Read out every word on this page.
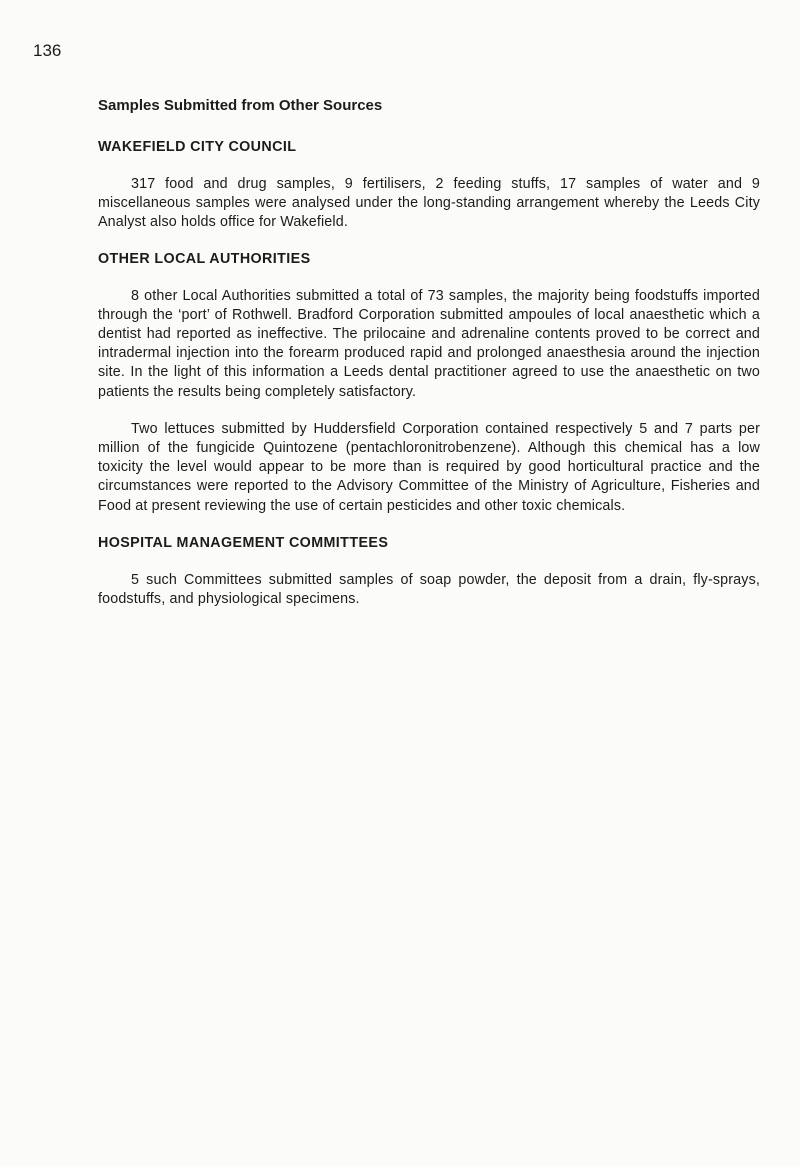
136
Samples Submitted from Other Sources
WAKEFIELD CITY COUNCIL

317 food and drug samples, 9 fertilisers, 2 feeding stuffs, 17 samples of water and 9 miscellaneous samples were analysed under the long-standing arrangement whereby the Leeds City Analyst also holds office for Wakefield.

OTHER LOCAL AUTHORITIES

8 other Local Authorities submitted a total of 73 samples, the majority being foodstuffs imported through the ‘port’ of Rothwell. Bradford Corporation submitted ampoules of local anaesthetic which a dentist had reported as ineffective. The prilocaine and adrenaline contents proved to be correct and intradermal injection into the forearm produced rapid and prolonged anaesthesia around the injection site. In the light of this information a Leeds dental practitioner agreed to use the anaesthetic on two patients the results being completely satisfactory.

Two lettuces submitted by Huddersfield Corporation contained respectively 5 and 7 parts per million of the fungicide Quintozene (pentachloronitrobenzene). Although this chemical has a low toxicity the level would appear to be more than is required by good horticultural practice and the circumstances were reported to the Advisory Committee of the Ministry of Agriculture, Fisheries and Food at present reviewing the use of certain pesticides and other toxic chemicals.

HOSPITAL MANAGEMENT COMMITTEES

5 such Committees submitted samples of soap powder, the deposit from a drain, fly-sprays, foodstuffs, and physiological specimens.
